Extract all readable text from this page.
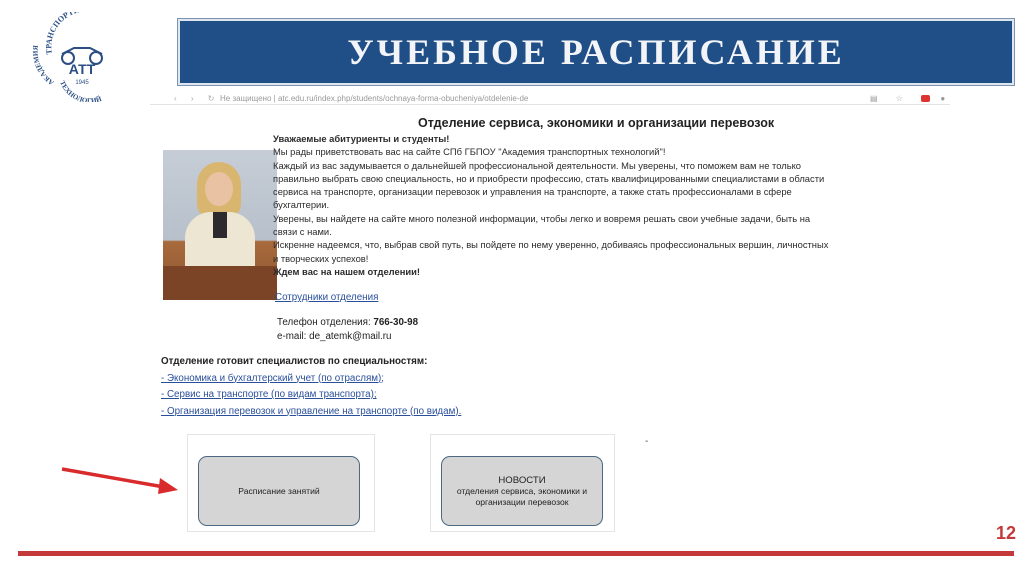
ТРАНСПОРТ
АКАДЕМИЯ
ТЕХНОЛОГИЙ
АТТ
1945
УЧЕБНОЕ РАСПИСАНИЕ
‹ › ↻ Не защищено | atc.edu.ru/index.php/students/ochnaya-forma-obucheniya/otdelenie-de	▤ ☆  ●
Отделение сервиса, экономики и организации перевозок

Уважаемые абитуриенты и студенты!

Мы рады приветствовать вас на сайте СПб ГБПОУ "Академия транспортных технологий"!

Каждый из вас задумывается о дальнейшей профессиональной деятельности. Мы уверены, что поможем вам не только правильно выбрать свою специальность, но и приобрести профессию, стать квалифицированными специалистами в области сервиса на транспорте, организации перевозок и управления на транспорте, а также стать профессионалами в сфере бухгалтерии.

Уверены, вы найдете на сайте много полезной информации, чтобы легко и вовремя решать свои учебные задачи, быть на связи с нами.

Искренне надеемся, что, выбрав свой путь, вы пойдете по нему уверенно, добиваясь профессиональных вершин, личностных и творческих успехов!

Ждем вас на нашем отделении!

Сотрудники отделения
Телефон отделения: 766-30-98
e-mail: de_atemk@mail.ru
Отделение готовит специалистов по специальностям:
- Экономика и бухгалтерский учет (по отраслям);
- Сервис на транспорте (по видам транспорта);
- Организация перевозок и управление на транспорте (по видам).
Расписание занятий
НОВОСТИ
отделения сервиса, экономики и
организации перевозок
-
12
